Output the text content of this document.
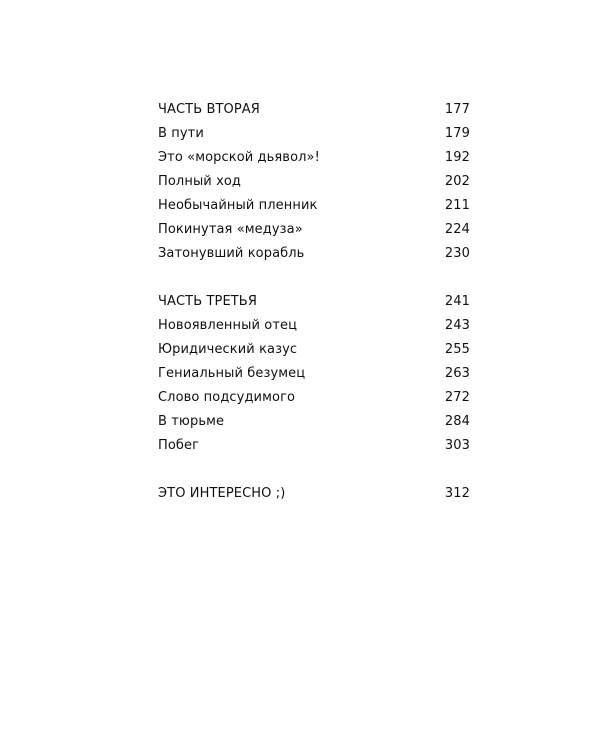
ЧАСТЬ ВТОРАЯ	177
В пути	179
Это «морской дьявол»!	192
Полный ход	202
Необычайный пленник	211
Покинутая «медуза»	224
Затонувший корабль	230
ЧАСТЬ ТРЕТЬЯ	241
Новоявленный отец	243
Юридический казус	255
Гениальный безумец	263
Слово подсудимого	272
В тюрьме	284
Побег	303
ЭТО ИНТЕРЕСНО ;)	312
